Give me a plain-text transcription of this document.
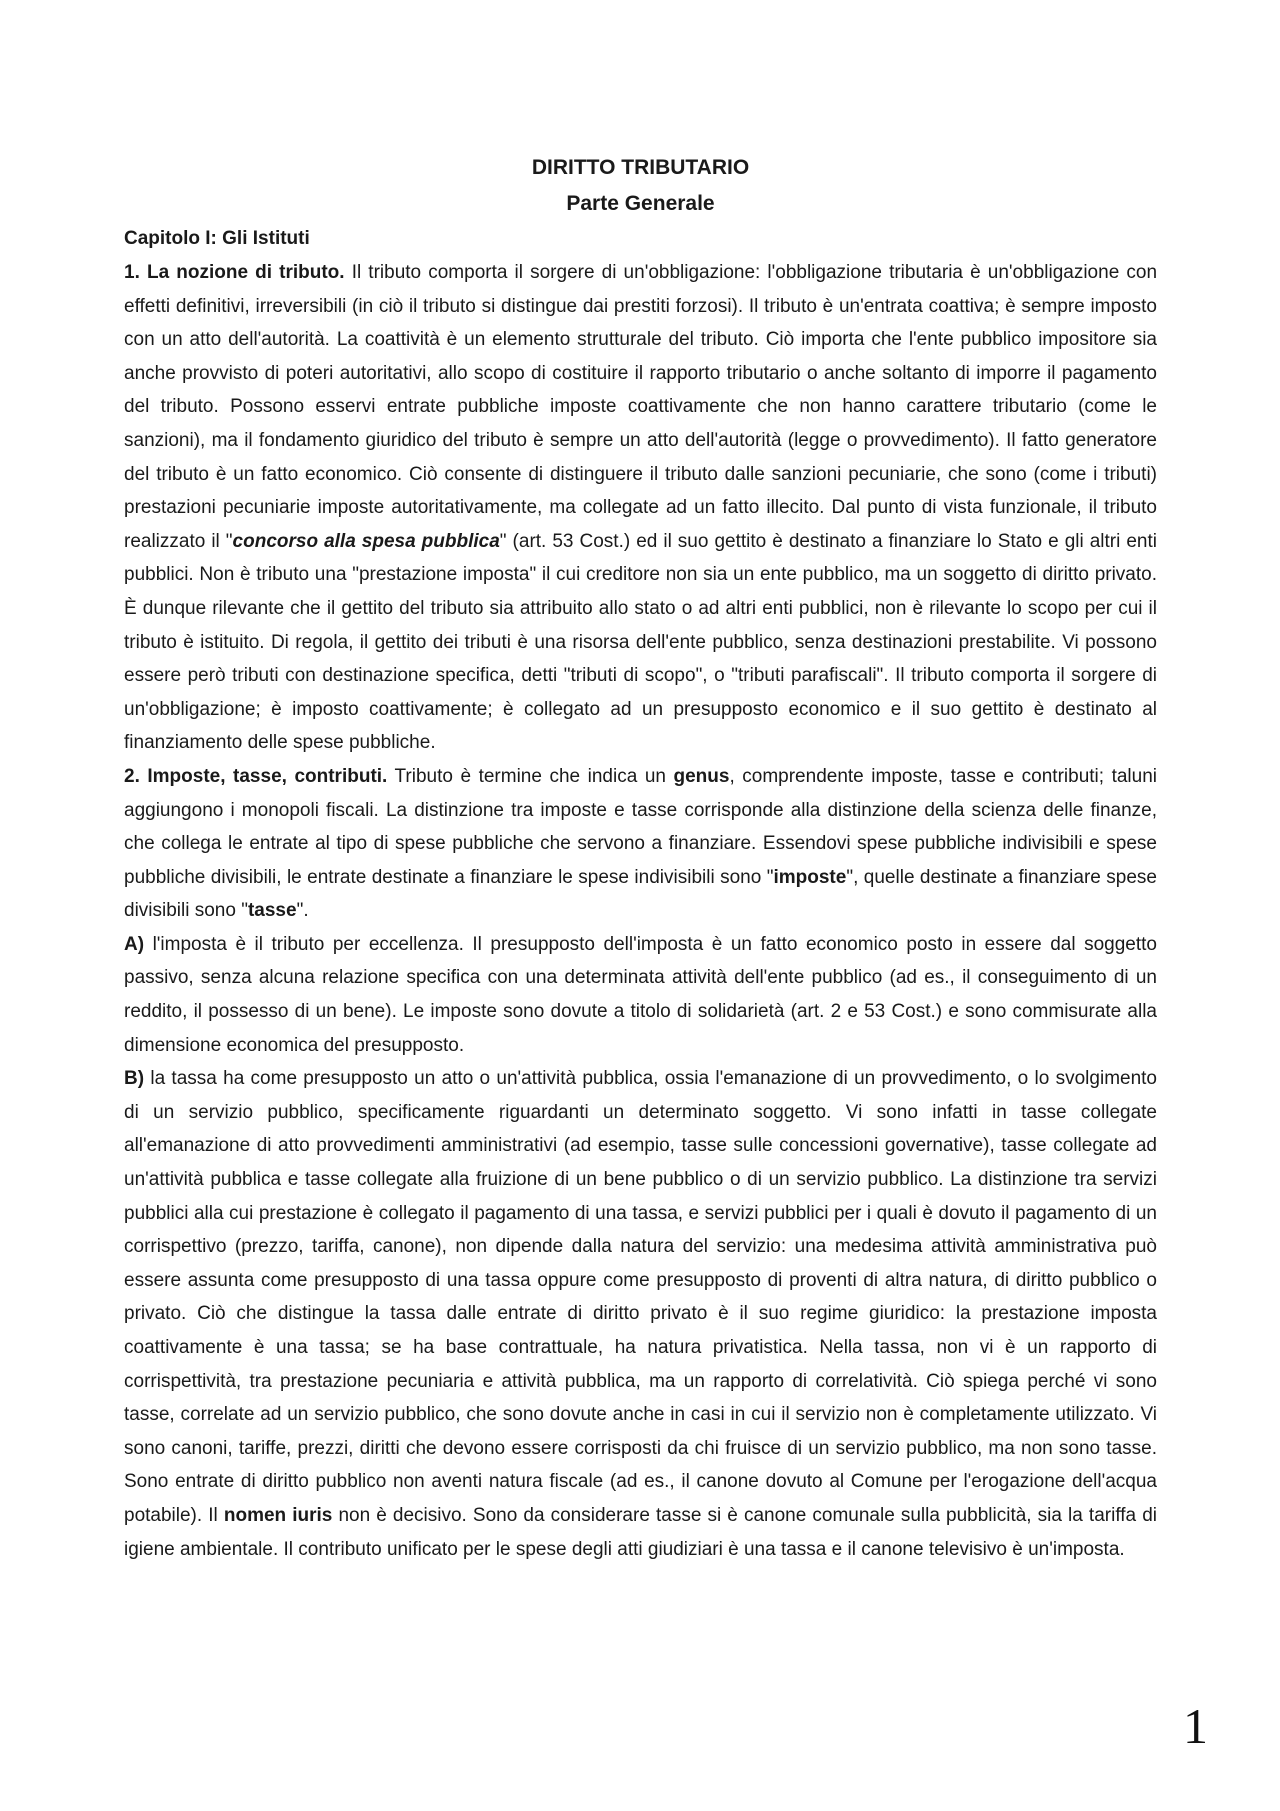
DIRITTO TRIBUTARIO
Parte Generale
Capitolo I: Gli Istituti

1. La nozione di tributo. Il tributo comporta il sorgere di un'obbligazione: l'obbligazione tributaria è un'obbligazione con effetti definitivi, irreversibili (in ciò il tributo si distingue dai prestiti forzosi). Il tributo è un'entrata coattiva; è sempre imposto con un atto dell'autorità. La coattività è un elemento strutturale del tributo. Ciò importa che l'ente pubblico impositore sia anche provvisto di poteri autoritativi, allo scopo di costituire il rapporto tributario o anche soltanto di imporre il pagamento del tributo. Possono esservi entrate pubbliche imposte coattivamente che non hanno carattere tributario (come le sanzioni), ma il fondamento giuridico del tributo è sempre un atto dell'autorità (legge o provvedimento). Il fatto generatore del tributo è un fatto economico. Ciò consente di distinguere il tributo dalle sanzioni pecuniarie, che sono (come i tributi) prestazioni pecuniarie imposte autoritativamente, ma collegate ad un fatto illecito. Dal punto di vista funzionale, il tributo realizzato il "concorso alla spesa pubblica" (art. 53 Cost.) ed il suo gettito è destinato a finanziare lo Stato e gli altri enti pubblici. Non è tributo una "prestazione imposta" il cui creditore non sia un ente pubblico, ma un soggetto di diritto privato. È dunque rilevante che il gettito del tributo sia attribuito allo stato o ad altri enti pubblici, non è rilevante lo scopo per cui il tributo è istituito. Di regola, il gettito dei tributi è una risorsa dell'ente pubblico, senza destinazioni prestabilite. Vi possono essere però tributi con destinazione specifica, detti "tributi di scopo", o "tributi parafiscali". Il tributo comporta il sorgere di un'obbligazione; è imposto coattivamente; è collegato ad un presupposto economico e il suo gettito è destinato al finanziamento delle spese pubbliche.

2. Imposte, tasse, contributi. Tributo è termine che indica un genus, comprendente imposte, tasse e contributi; taluni aggiungono i monopoli fiscali. La distinzione tra imposte e tasse corrisponde alla distinzione della scienza delle finanze, che collega le entrate al tipo di spese pubbliche che servono a finanziare. Essendovi spese pubbliche indivisibili e spese pubbliche divisibili, le entrate destinate a finanziare le spese indivisibili sono "imposte", quelle destinate a finanziare spese divisibili sono "tasse".

A) l'imposta è il tributo per eccellenza. Il presupposto dell'imposta è un fatto economico posto in essere dal soggetto passivo, senza alcuna relazione specifica con una determinata attività dell'ente pubblico (ad es., il conseguimento di un reddito, il possesso di un bene). Le imposte sono dovute a titolo di solidarietà (art. 2 e 53 Cost.) e sono commisurate alla dimensione economica del presupposto.

B) la tassa ha come presupposto un atto o un'attività pubblica, ossia l'emanazione di un provvedimento, o lo svolgimento di un servizio pubblico, specificamente riguardanti un determinato soggetto. Vi sono infatti in tasse collegate all'emanazione di atto provvedimenti amministrativi (ad esempio, tasse sulle concessioni governative), tasse collegate ad un'attività pubblica e tasse collegate alla fruizione di un bene pubblico o di un servizio pubblico. La distinzione tra servizi pubblici alla cui prestazione è collegato il pagamento di una tassa, e servizi pubblici per i quali è dovuto il pagamento di un corrispettivo (prezzo, tariffa, canone), non dipende dalla natura del servizio: una medesima attività amministrativa può essere assunta come presupposto di una tassa oppure come presupposto di proventi di altra natura, di diritto pubblico o privato. Ciò che distingue la tassa dalle entrate di diritto privato è il suo regime giuridico: la prestazione imposta coattivamente è una tassa; se ha base contrattuale, ha natura privatistica. Nella tassa, non vi è un rapporto di corrispettività, tra prestazione pecuniaria e attività pubblica, ma un rapporto di correlatività. Ciò spiega perché vi sono tasse, correlate ad un servizio pubblico, che sono dovute anche in casi in cui il servizio non è completamente utilizzato. Vi sono canoni, tariffe, prezzi, diritti che devono essere corrisposti da chi fruisce di un servizio pubblico, ma non sono tasse. Sono entrate di diritto pubblico non aventi natura fiscale (ad es., il canone dovuto al Comune per l'erogazione dell'acqua potabile). Il nomen iuris non è decisivo. Sono da considerare tasse si è canone comunale sulla pubblicità, sia la tariffa di igiene ambientale. Il contributo unificato per le spese degli atti giudiziari è una tassa e il canone televisivo è un'imposta.

1
